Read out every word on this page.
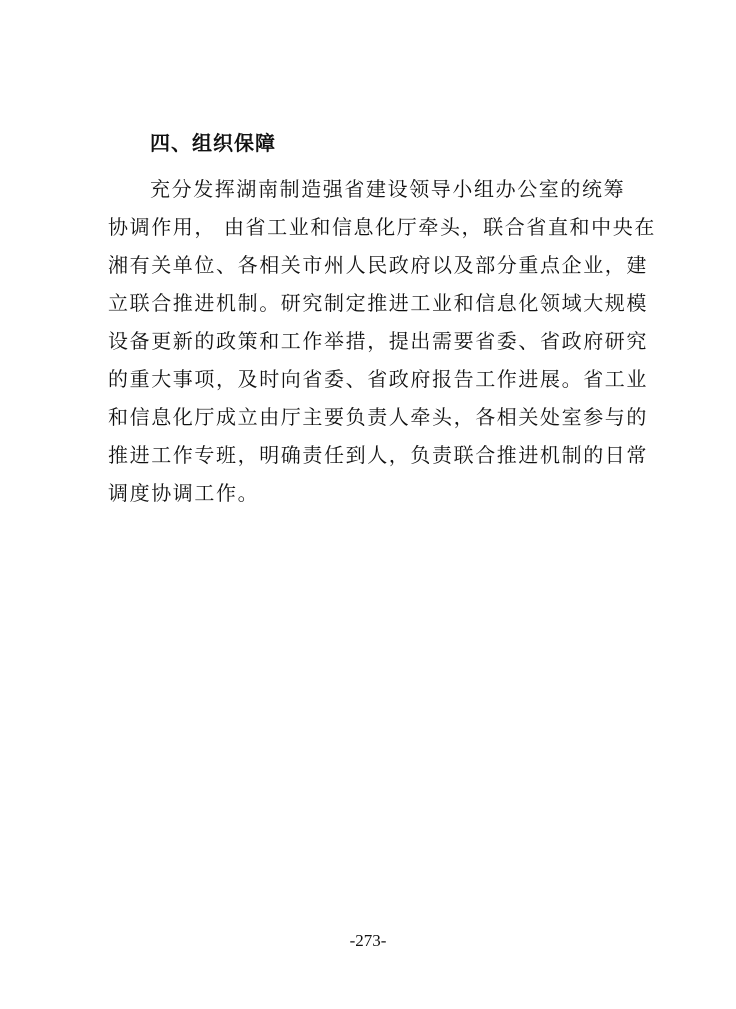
四、组织保障
充分发挥湖南制造强省建设领导小组办公室的统筹
协调作用， 由省工业和信息化厅牵头，联合省直和中央在
湘有关单位、各相关市州人民政府以及部分重点企业，建
立联合推进机制。研究制定推进工业和信息化领域大规模
设备更新的政策和工作举措，提出需要省委、省政府研究
的重大事项，及时向省委、省政府报告工作进展。省工业
和信息化厅成立由厅主要负责人牵头，各相关处室参与的
推进工作专班，明确责任到人，负责联合推进机制的日常
调度协调工作。
-273-
